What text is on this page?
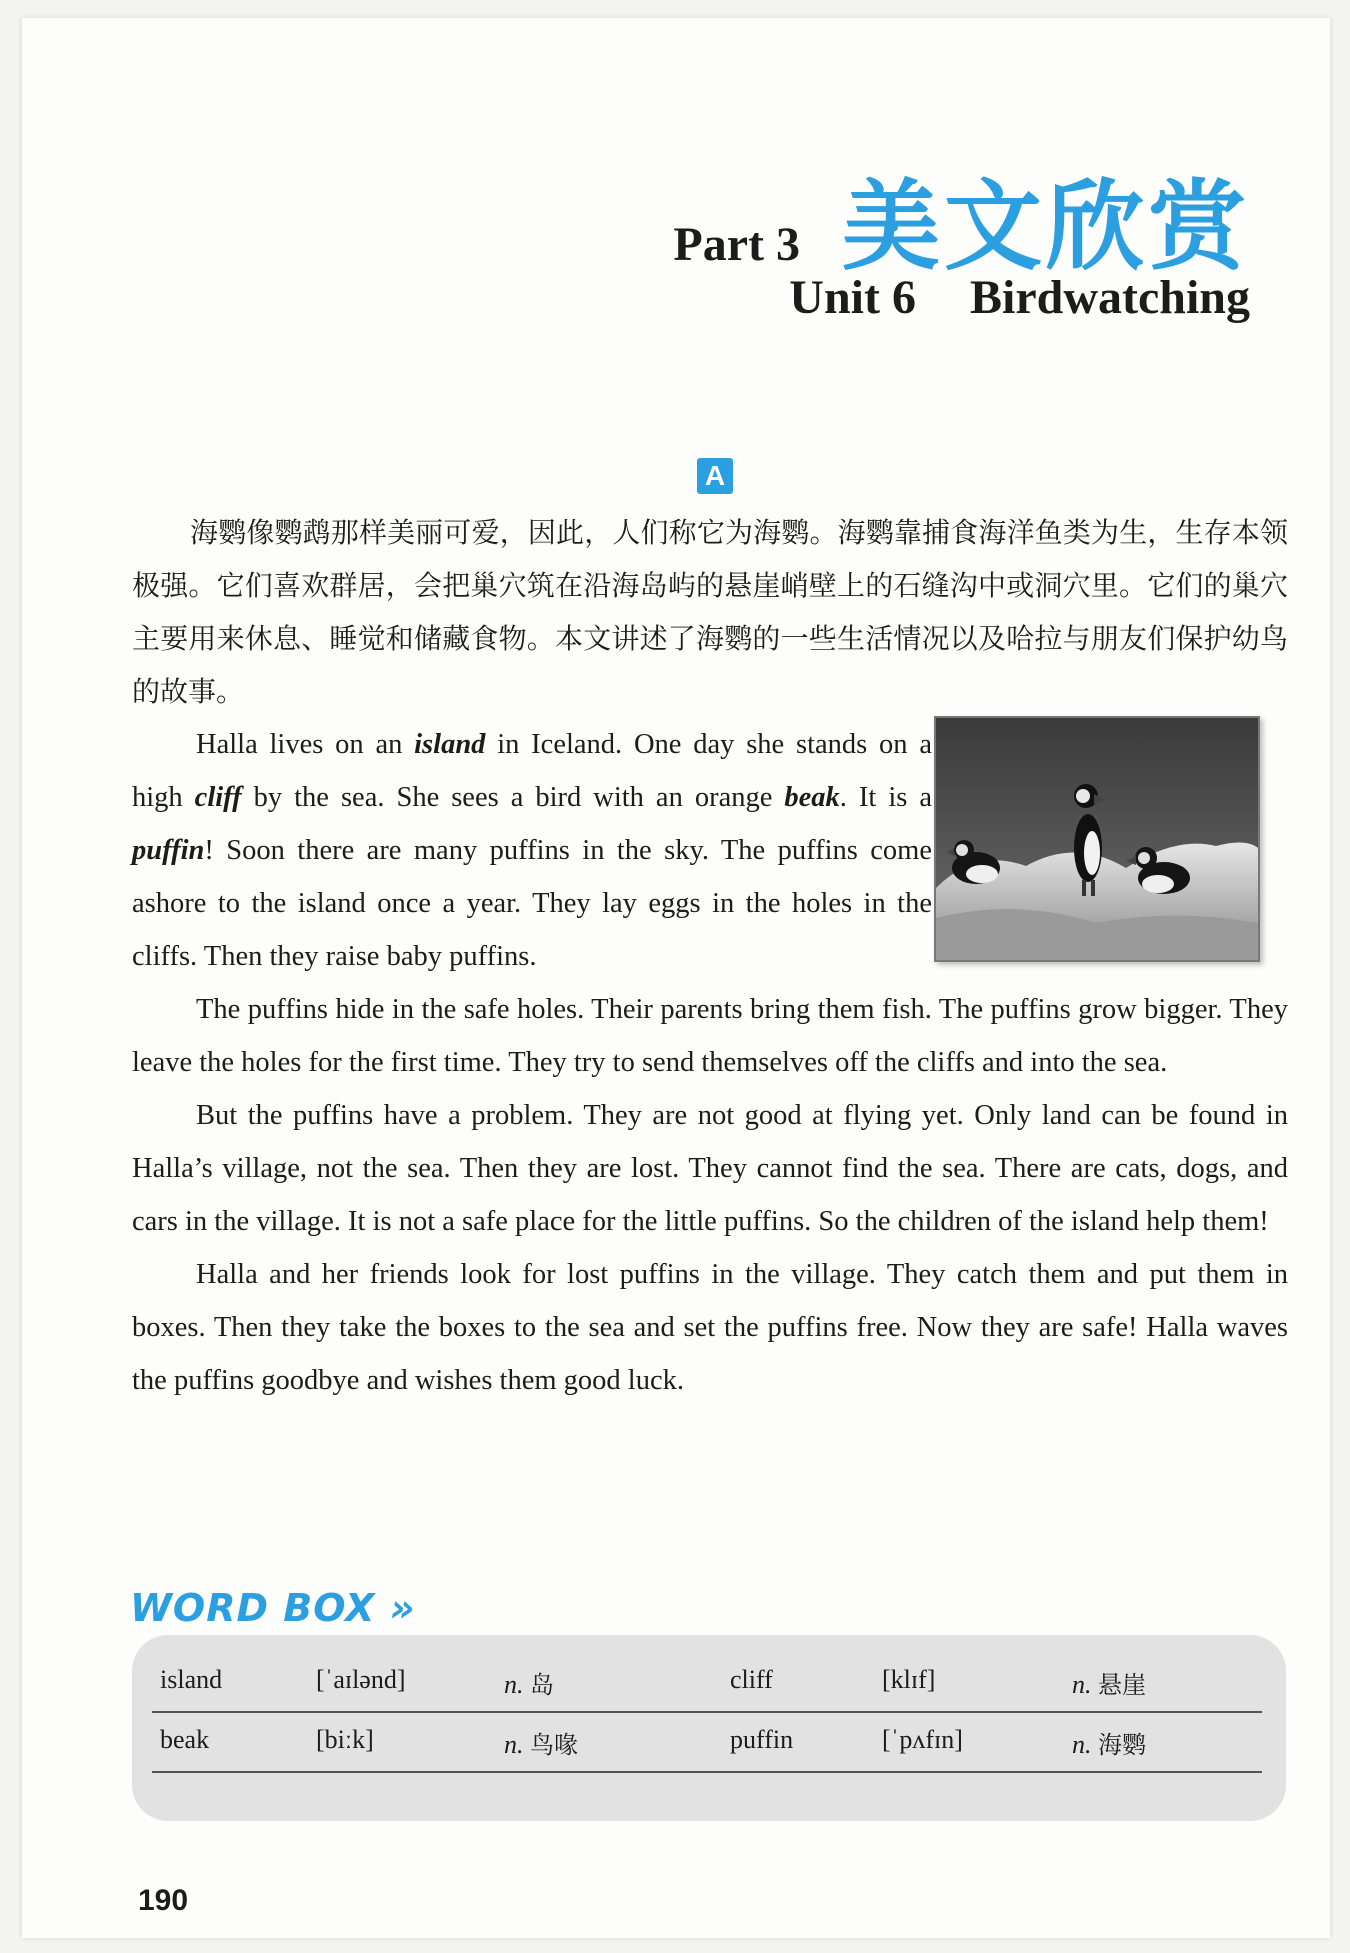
Part 3 美文欣赏
Unit 6 Birdwatching
A

海鹦像鹦鹉那样美丽可爱，因此，人们称它为海鹦。海鹦靠捕食海洋鱼类为生，生存本领极强。它们喜欢群居，会把巢穴筑在沿海岛屿的悬崖峭壁上的石缝沟中或洞穴里。它们的巢穴主要用来休息、睡觉和储藏食物。本文讲述了海鹦的一些生活情况以及哈拉与朋友们保护幼鸟的故事。

Halla lives on an island in Iceland. One day she stands on a high cliff by the sea. She sees a bird with an orange beak. It is a puffin! Soon there are many puffins in the sky. The puffins come ashore to the island once a year. They lay eggs in the holes in the cliffs. Then they raise baby puffins.

The puffins hide in the safe holes. Their parents bring them fish. The puffins grow bigger. They leave the holes for the first time. They try to send themselves off the cliffs and into the sea.

But the puffins have a problem. They are not good at flying yet. Only land can be found in Halla’s village, not the sea. Then they are lost. They cannot find the sea. There are cats, dogs, and cars in the village. It is not a safe place for the little puffins. So the children of the island help them!

Halla and her friends look for lost puffins in the village. They catch them and put them in boxes. Then they take the boxes to the sea and set the puffins free. Now they are safe! Halla waves the puffins goodbye and wishes them good luck.

WORD BOX »
island	[ˈaɪlənd]	n. 岛	cliff	[klɪf]	n. 悬崖
beak	[biːk]	n. 鸟喙	puffin	[ˈpʌfɪn]	n. 海鹦
190
